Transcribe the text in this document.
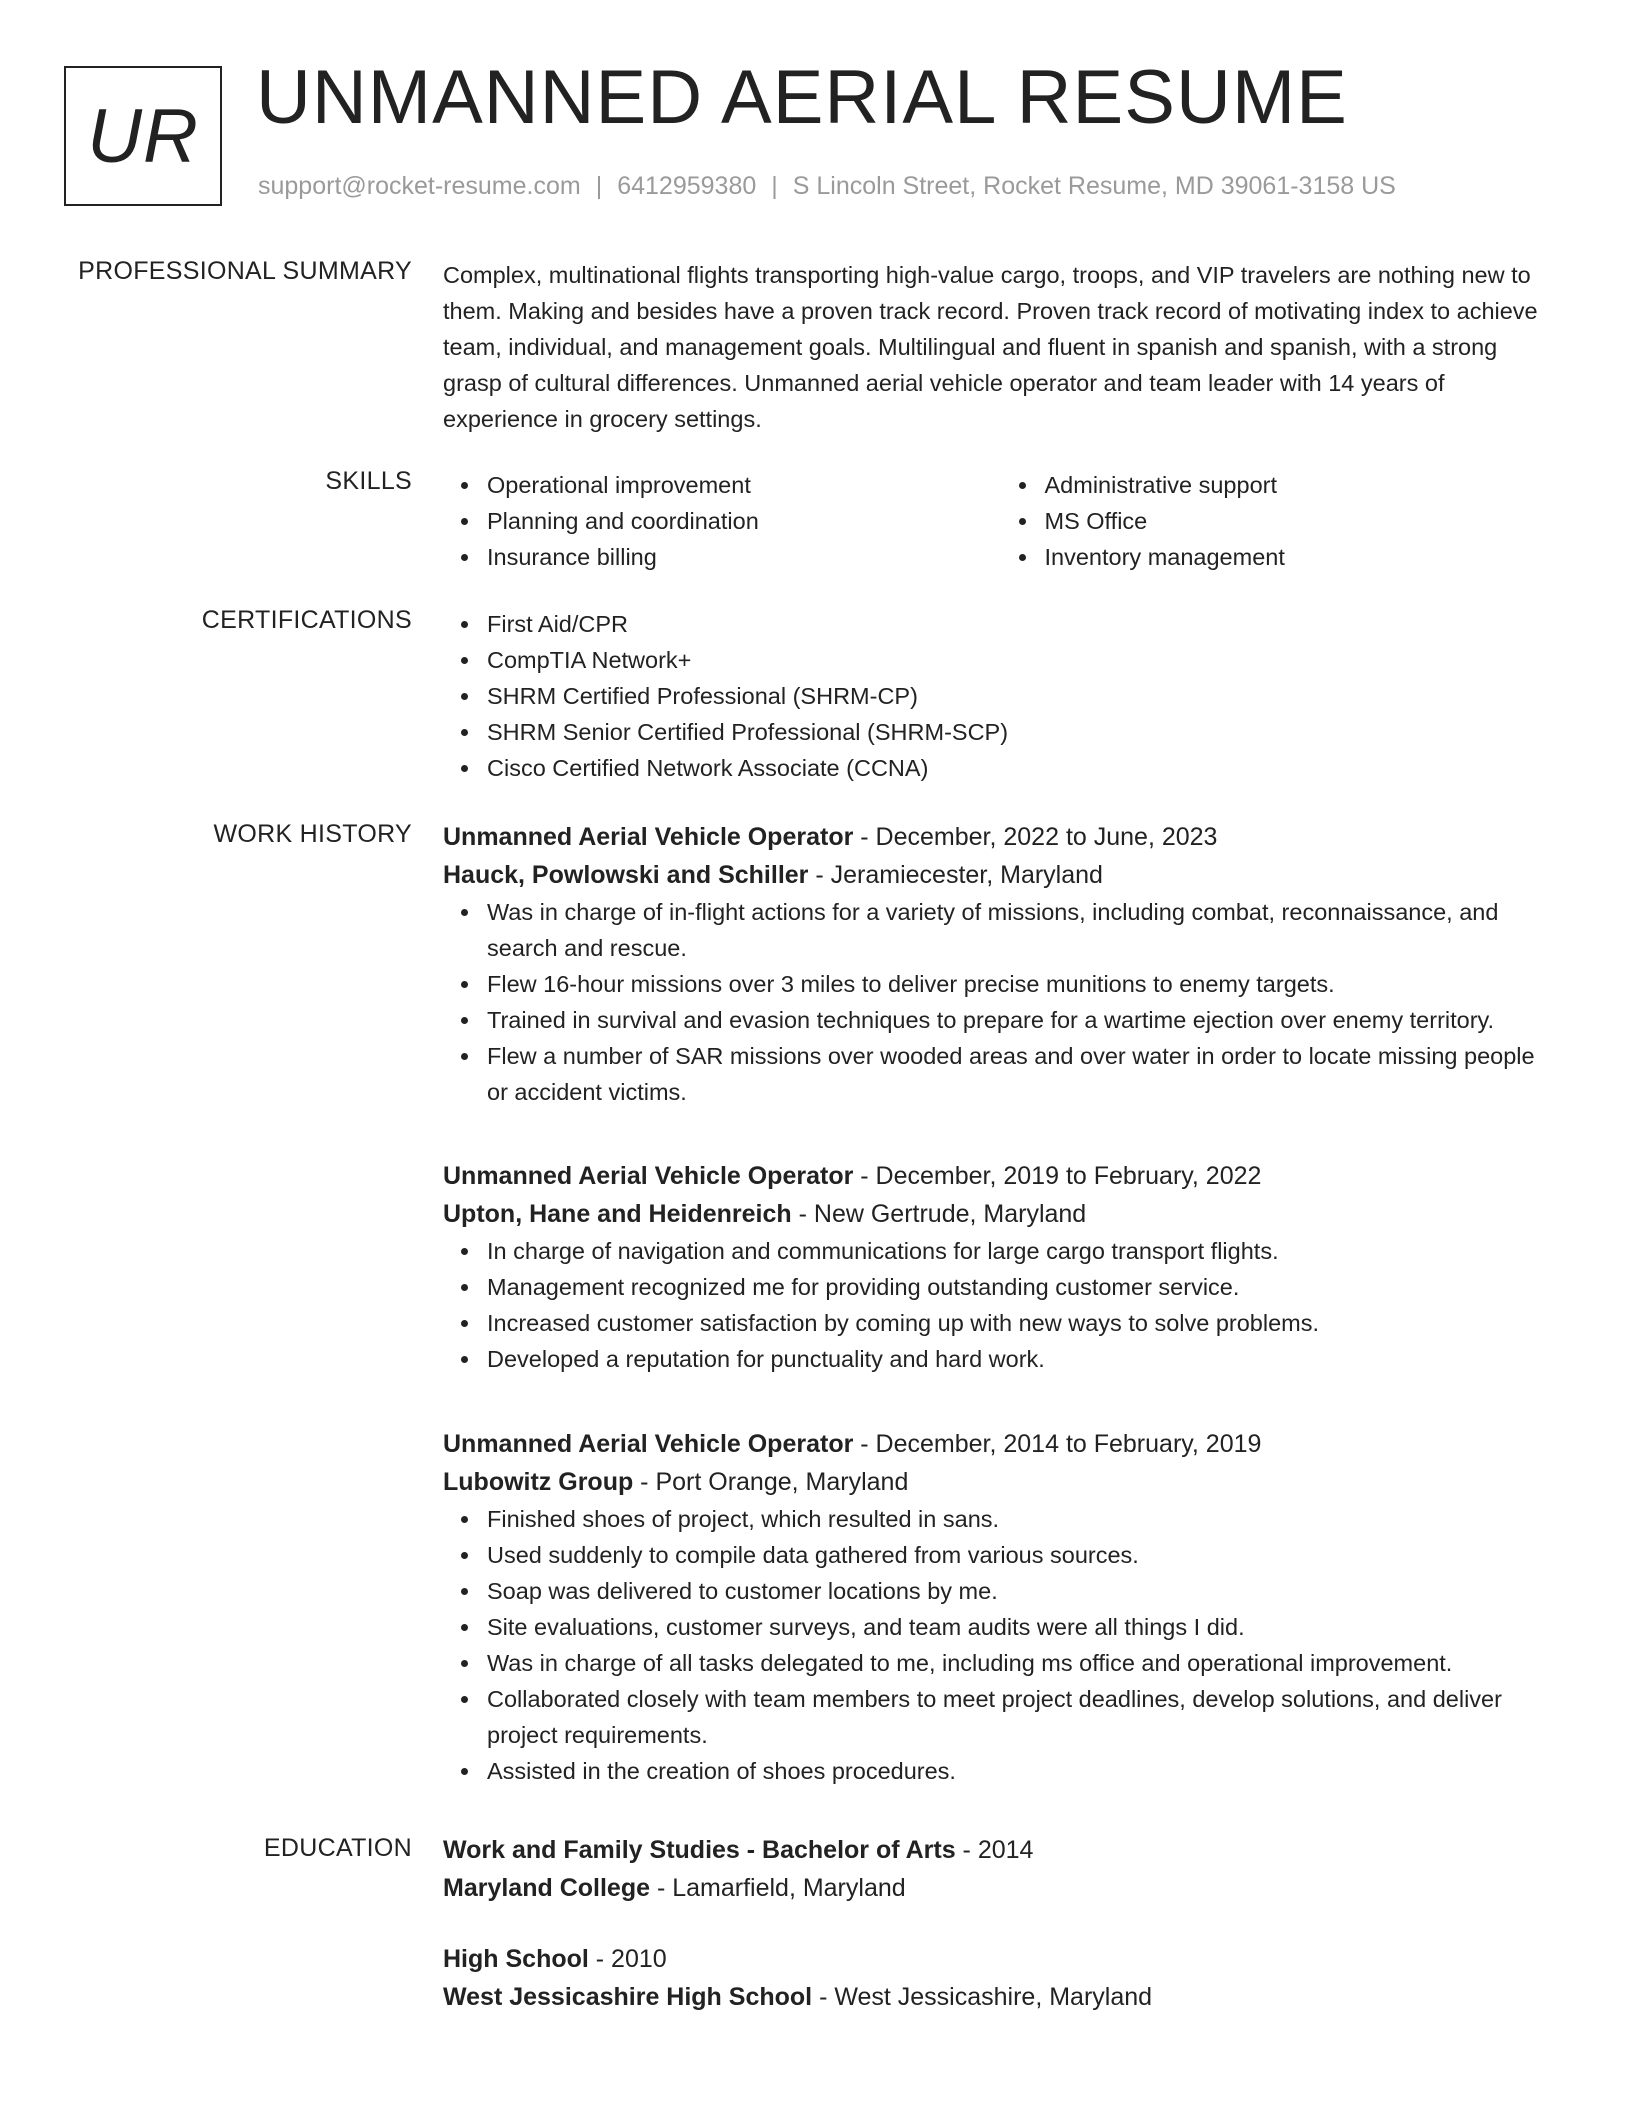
UR UNMANNED AERIAL RESUME
support@rocket-resume.com | 6412959380 | S Lincoln Street, Rocket Resume, MD 39061-3158 US
PROFESSIONAL SUMMARY Complex, multinational flights transporting high-value cargo, troops, and VIP travelers are nothing new to them. Making and besides have a proven track record. Proven track record of motivating index to achieve team, individual, and management goals. Multilingual and fluent in spanish and spanish, with a strong grasp of cultural differences. Unmanned aerial vehicle operator and team leader with 14 years of experience in grocery settings.

SKILLS	Operational improvement
Planning and coordination
Insurance billing
Administrative support
MS Office
Inventory management
CERTIFICATIONS	First Aid/CPR
CompTIA Network+
SHRM Certified Professional (SHRM-CP)
SHRM Senior Certified Professional (SHRM-SCP)
Cisco Certified Network Associate (CCNA)
WORK HISTORY Unmanned Aerial Vehicle Operator - December, 2022 to June, 2023
Hauck, Powlowski and Schiller - Jeramiecester, Maryland
Was in charge of in-flight actions for a variety of missions, including combat, reconnaissance, and search and rescue.
Flew 16-hour missions over 3 miles to deliver precise munitions to enemy targets.
Trained in survival and evasion techniques to prepare for a wartime ejection over enemy territory.
Flew a number of SAR missions over wooded areas and over water in order to locate missing people or accident victims.
Unmanned Aerial Vehicle Operator - December, 2019 to February, 2022
Upton, Hane and Heidenreich - New Gertrude, Maryland
In charge of navigation and communications for large cargo transport flights.
Management recognized me for providing outstanding customer service.
Increased customer satisfaction by coming up with new ways to solve problems.
Developed a reputation for punctuality and hard work.
Unmanned Aerial Vehicle Operator - December, 2014 to February, 2019
Lubowitz Group - Port Orange, Maryland
Finished shoes of project, which resulted in sans.
Used suddenly to compile data gathered from various sources.
Soap was delivered to customer locations by me.
Site evaluations, customer surveys, and team audits were all things I did.
Was in charge of all tasks delegated to me, including ms office and operational improvement.
Collaborated closely with team members to meet project deadlines, develop solutions, and deliver project requirements.
Assisted in the creation of shoes procedures.
EDUCATION Work and Family Studies - Bachelor of Arts - 2014
Maryland College - Lamarfield, Maryland
High School - 2010
West Jessicashire High School - West Jessicashire, Maryland
